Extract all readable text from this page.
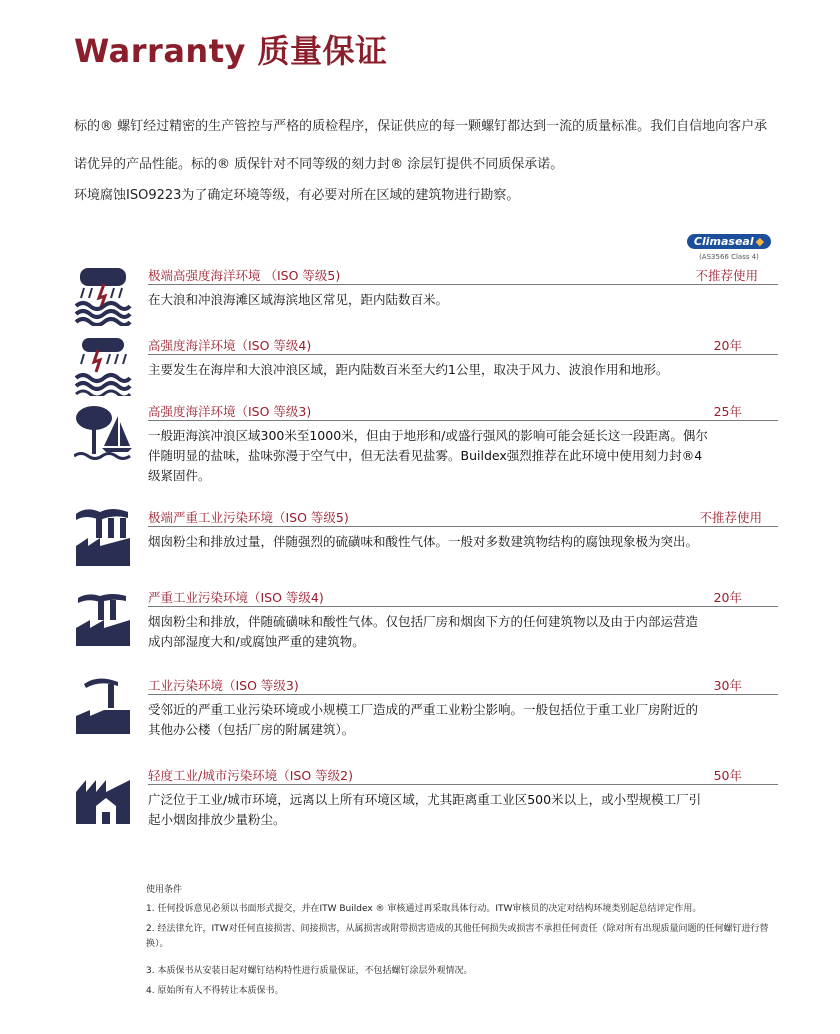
Warranty 质量保证
标的® 螺钉经过精密的生产管控与严格的质检程序，保证供应的每一颗螺钉都达到一流的质量标准。我们自信地向客户承诺优异的产品性能。标的® 质保针对不同等级的刻力封® 涂层钉提供不同质保承诺。
环境腐蚀ISO9223为了确定环境等级，有必要对所在区域的建筑物进行勘察。
Climaseal ◆
(AS3566 Class 4)
极端高强度海洋环境 （ISO 等级5)	不推荐使用
在大浪和冲浪海滩区域海滨地区常见，距内陆数百米。
高强度海洋环境（ISO 等级4)	20年
主要发生在海岸和大浪冲浪区域，距内陆数百米至大约1公里，取决于风力、波浪作用和地形。
高强度海洋环境（ISO 等级3)	25年
一般距海滨冲浪区域300米至1000米，但由于地形和/或盛行强风的影响可能会延长这一段距离。偶尔伴随明显的盐味，盐味弥漫于空气中，但无法看见盐雾。Buildex强烈推荐在此环境中使用刻力封®4级紧固件。
极端严重工业污染环境（ISO 等级5)	不推荐使用
烟囱粉尘和排放过量，伴随强烈的硫磺味和酸性气体。一般对多数建筑物结构的腐蚀现象极为突出。
严重工业污染环境（ISO 等级4)	20年
烟囱粉尘和排放，伴随硫磺味和酸性气体。仅包括厂房和烟囱下方的任何建筑物以及由于内部运营造成内部湿度大和/或腐蚀严重的建筑物。
工业污染环境（ISO 等级3)	30年
受邻近的严重工业污染环境或小规模工厂造成的严重工业粉尘影响。一般包括位于重工业厂房附近的其他办公楼（包括厂房的附属建筑）。
轻度工业/城市污染环境（ISO 等级2)	50年
广泛位于工业/城市环境，远离以上所有环境区域，尤其距离重工业区500米以上，或小型规模工厂引起小烟囱排放少量粉尘。
使用条件
1. 任何投诉意见必须以书面形式提交，并在ITW Buildex ® 审核通过再采取具体行动。ITW审核员的决定对结构环境类别起总结评定作用。
2. 经法律允许，ITW对任何直接损害、间接损害，从属损害或附带损害造成的其他任何损失或损害不承担任何责任（除对所有出现质量问题的任何螺钉进行替换）。
3. 本质保书从安装日起对螺钉结构特性进行质量保证，不包括螺钉涂层外观情况。
4. 原始所有人不得转让本质保书。
